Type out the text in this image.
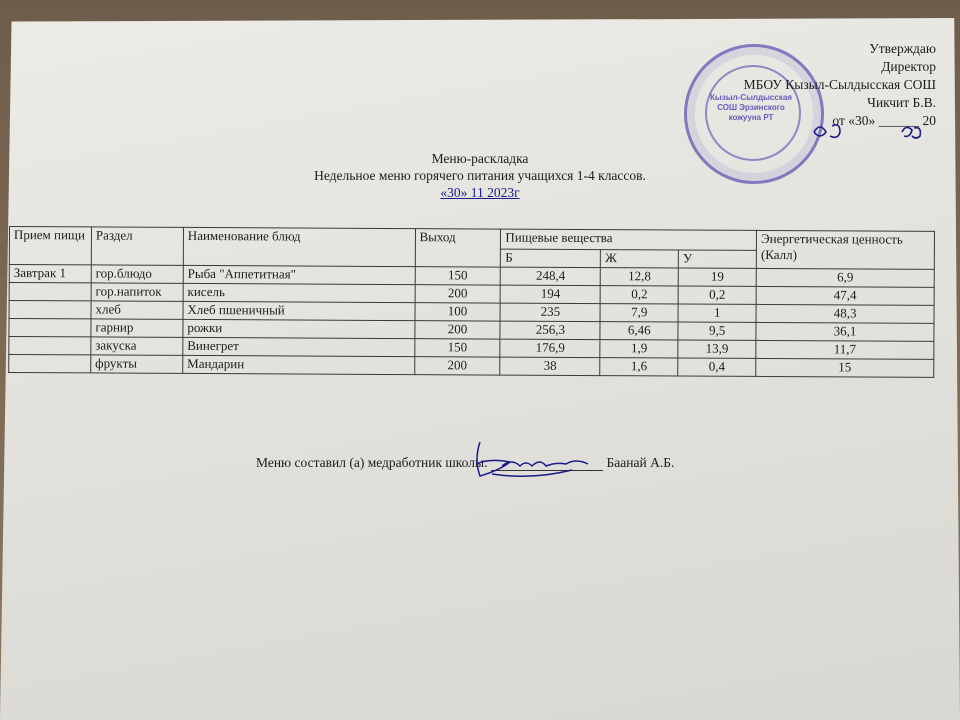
Кызыл-Сылдысская СОШ Эрзинского кожууна РТ
Утверждаю
Директор
МБОУ Кызыл-Сылдысская СОШ
Чикчит Б.В.
от «30» ______ 20
Меню-раскладка
Недельное меню горячего питания учащихся 1-4 классов.
«30» 11 2023г
Прием пищи	Раздел	Наименование блюд	Выход	Пищевые вещества			Энергетическая ценность (Калл)
				Б	Ж	У	
Завтрак 1	гор.блюдо	Рыба "Аппетитная"	150	248,4	12,8	19	6,9
	гор.напиток	кисель	200	194	0,2	0,2	47,4
	хлеб	Хлеб пшеничный	100	235	7,9	1	48,3
	гарнир	рожки	200	256,3	6,46	9,5	36,1
	закуска	Винегрет	150	176,9	1,9	13,9	11,7
	фрукты	Мандарин	200	38	1,6	0,4	15
Меню составил (а) медработник школы:	Баанай А.Б.
